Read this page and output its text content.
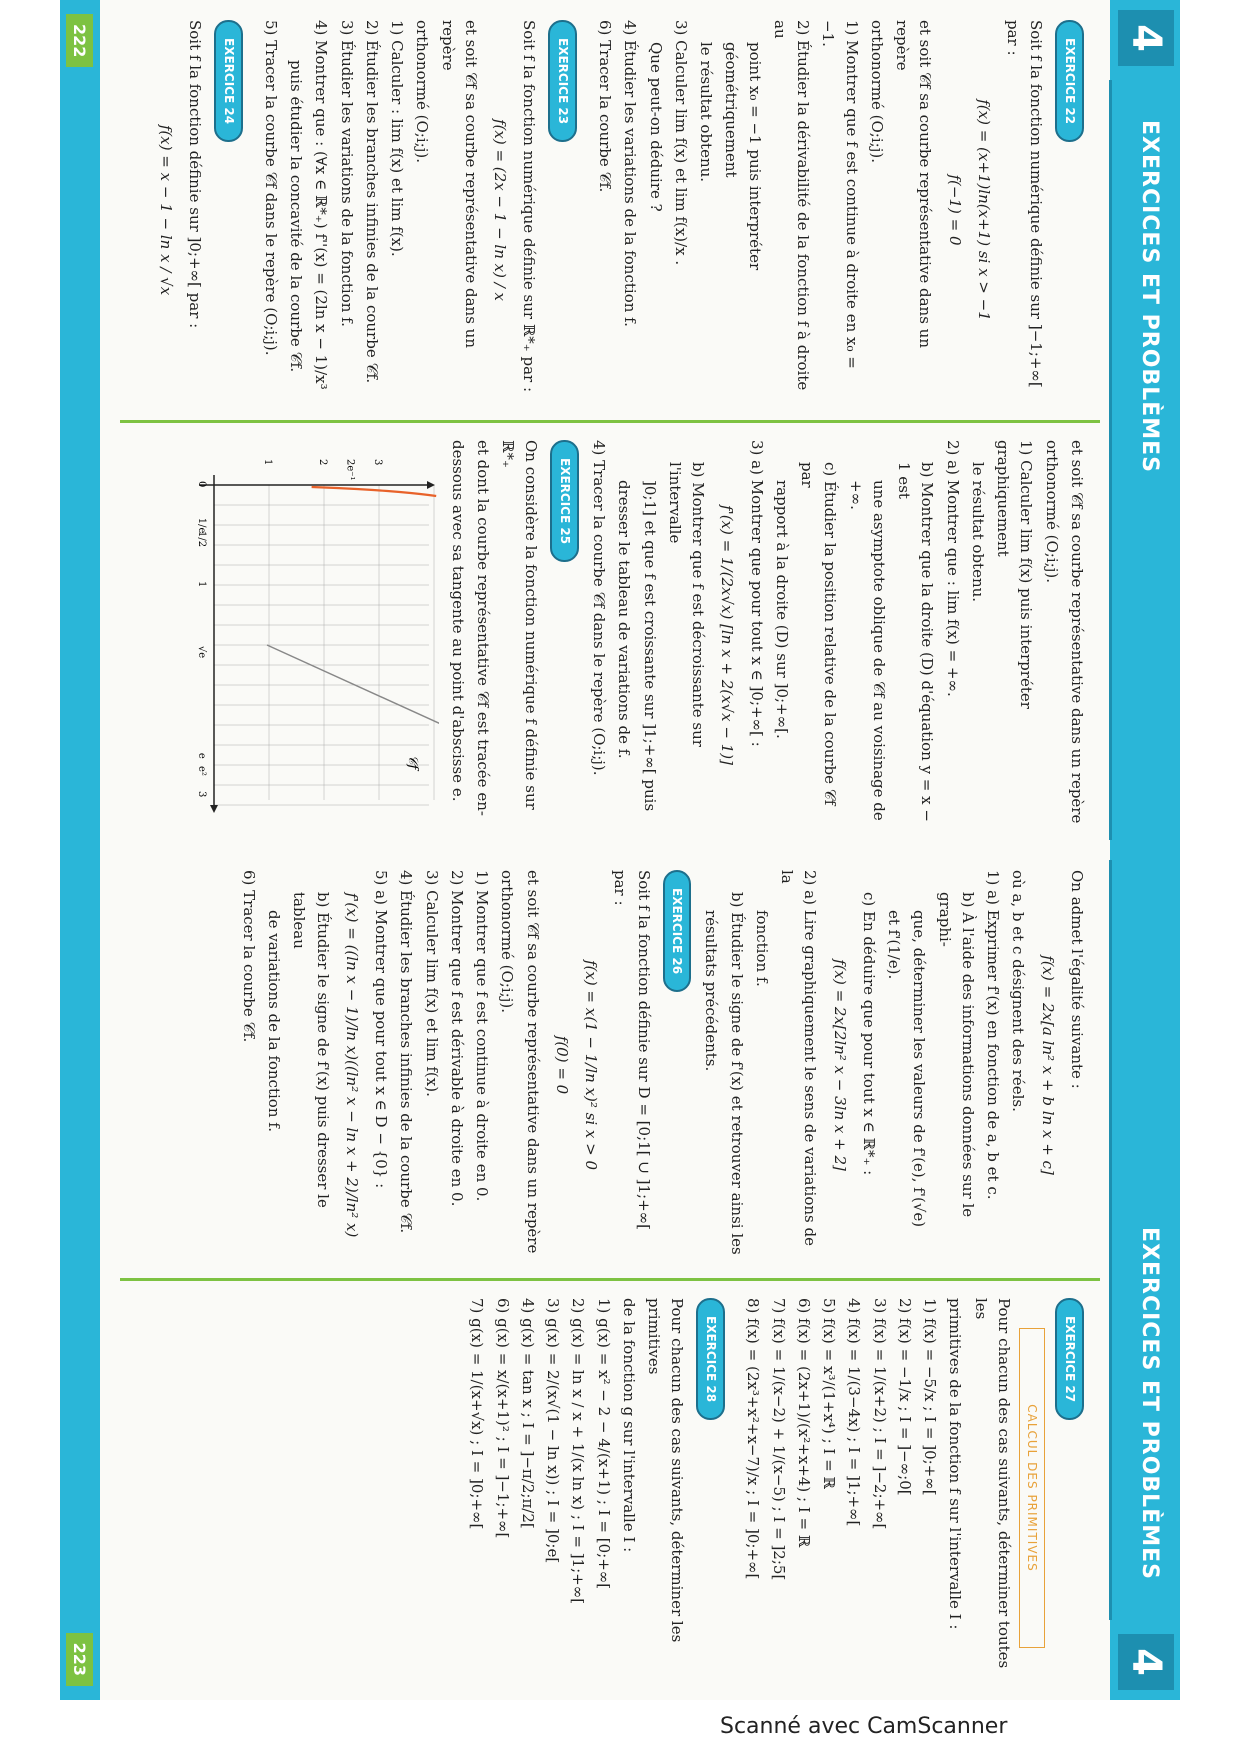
4
EXERCICES ET PROBLÈMES
EXERCICE 22
Soit f la fonction numérique définie sur ]−1;+∞[ par :
f(x) = (x+1)ln(x+1) si x > −1
f(−1) = 0
et soit 𝒞f sa courbe représentative dans un repère
orthonormé (O;i;j).
1) Montrer que f est continue à droite en x₀ = −1.
2) Étudier la dérivabilité de la fonction f à droite au
point x₀ = −1 puis interpréter géométriquement
le résultat obtenu.
3) Calculer lim f(x) et lim f(x)/x .
Que peut-on déduire ?
4) Étudier les variations de la fonction f.
6) Tracer la courbe 𝒞f.
EXERCICE 23
Soit f la fonction numérique définie sur ℝ*₊ par :
f(x) = (2x − 1 − ln x) / x
et soit 𝒞f sa courbe représentative dans un repère
orthonormé (O;i;j).
1) Calculer : lim f(x) et lim f(x).
2) Étudier les branches infinies de la courbe 𝒞f.
3) Étudier les variations de la fonction f.
4) Montrer que : (∀x ∈ ℝ*₊) f''(x) = (2ln x − 1)/x³
puis étudier la concavité de la courbe 𝒞f.
5) Tracer la courbe 𝒞f dans le repère (O;i;j).
EXERCICE 24
Soit f la fonction définie sur ]0;+∞[ par :
f(x) = x − 1 − ln x / √x
et soit 𝒞f sa courbe représentative dans un repère
orthonormé (O;i;j).
1) Calculer lim f(x) puis interpréter graphiquement
le résultat obtenu.
2) a) Montrer que : lim f(x) = +∞.
b) Montrer que la droite (D) d'équation y = x − 1 est
une asymptote oblique de 𝒞f au voisinage de +∞.
c) Étudier la position relative de la courbe 𝒞f par
rapport à la droite (D) sur ]0;+∞[.
3) a) Montrer que pour tout x ∈ ]0;+∞[ :
f'(x) = 1/(2x√x) [ln x + 2(x√x − 1)]
b) Montrer que f est décroissante sur l'intervalle
]0;1] et que f est croissante sur ]1;+∞[ puis
dresser le tableau de variations de f.
4) Tracer la courbe 𝒞f dans le repère (O;i;j).
EXERCICE 25
On considère la fonction numérique f définie sur ℝ*₊
et dont la courbe représentative 𝒞f est tracée en-
dessous avec sa tangente au point d'abscisse e.
𝒞f
1	2 2e⁻¹ 3
0
1/e
1/2
1
√e
e
e²
3
222
4
EXERCICES ET PROBLÈMES
On admet l'égalité suivante :
f(x) = 2x[a ln² x + b ln x + c]
où a, b et c désignent des réels.
1) a) Exprimer f'(x) en fonction de a, b et c.
b) À l'aide des informations données sur le graphi-
que, déterminer les valeurs de f'(e), f'(√e)
et f'(1/e).
c) En déduire que pour tout x ∈ ℝ*₊ :
f(x) = 2x[2ln² x − 3ln x + 2]
2) a) Lire graphiquement le sens de variations de la
fonction f.
b) Étudier le signe de f'(x) et retrouver ainsi les
résultats précédents.
EXERCICE 26
Soit f la fonction définie sur D = [0;1[ ∪ ]1;+∞[ par :
f(x) = x(1 − 1/ln x)² si x > 0
f(0) = 0
et soit 𝒞f sa courbe représentative dans un repère
orthonormé (O;i;j).
1) Montrer que f est continue à droite en 0.
2) Montrer que f est dérivable à droite en 0.
3) Calculer lim f(x) et lim f(x).
4) Étudier les branches infinies de la courbe 𝒞f.
5) a) Montrer que pour tout x ∈ D − {0} :
f'(x) = ((ln x − 1)/ln x)((ln² x − ln x + 2)/ln² x)
b) Étudier le signe de f'(x) puis dresser le tableau
de variations de la fonction f.
6) Tracer la courbe 𝒞f.
EXERCICE 27
CALCUL DES PRIMITIVES
Pour chacun des cas suivants, déterminer toutes les
primitives de la fonction f sur l'intervalle I :
1) f(x) = −5/x ; I = ]0;+∞[
2) f(x) = −1/x ; I = ]−∞;0[
3) f(x) = 1/(x+2) ; I = ]−2;+∞[
4) f(x) = 1/(3−4x) ; I = ]1;+∞[
5) f(x) = x³/(1+x⁴) ; I = ℝ
6) f(x) = (2x+1)/(x²+x+4) ; I = ℝ
7) f(x) = 1/(x−2) + 1/(x−5) ; I = ]2;5[
8) f(x) = (2x³+x²+x−7)/x ; I = ]0;+∞[
EXERCICE 28
Pour chacun des cas suivants, déterminer les primitives
de la fonction g sur l'intervalle I :
1) g(x) = x² − 2 − 4/(x+1) ; I = [0;+∞[
2) g(x) = ln x / x + 1/(x ln x) ; I = ]1;+∞[
3) g(x) = 2/(x√(1 − ln x)) ; I = ]0;e[
4) g(x) = tan x ; I = ]−π/2;π/2[
6) g(x) = x/(x+1)² ; I = ]−1;+∞[
7) g(x) = 1/(x+√x) ; I = ]0;+∞[
223
Scanné avec CamScanner
